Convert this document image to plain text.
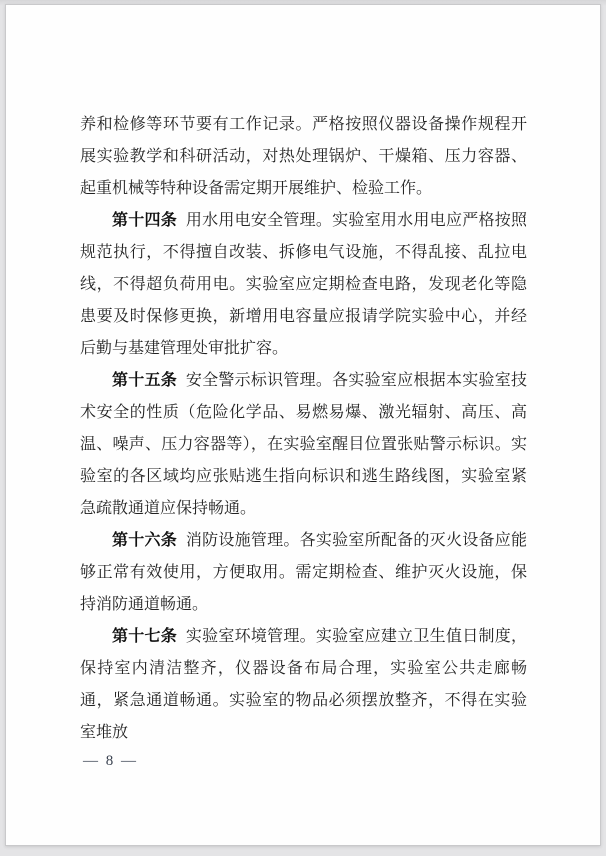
养和检修等环节要有工作记录。严格按照仪器设备操作规程开展实验教学和科研活动，对热处理锅炉、干燥箱、压力容器、起重机械等特种设备需定期开展维护、检验工作。

第十四条 用水用电安全管理。实验室用水用电应严格按照规范执行，不得擅自改装、拆修电气设施，不得乱接、乱拉电线，不得超负荷用电。实验室应定期检查电路，发现老化等隐患要及时保修更换，新增用电容量应报请学院实验中心，并经后勤与基建管理处审批扩容。

第十五条 安全警示标识管理。各实验室应根据本实验室技术安全的性质（危险化学品、易燃易爆、激光辐射、高压、高温、噪声、压力容器等），在实验室醒目位置张贴警示标识。实验室的各区域均应张贴逃生指向标识和逃生路线图，实验室紧急疏散通道应保持畅通。

第十六条 消防设施管理。各实验室所配备的灭火设备应能够正常有效使用，方便取用。需定期检查、维护灭火设施，保持消防通道畅通。

第十七条 实验室环境管理。实验室应建立卫生值日制度，保持室内清洁整齐，仪器设备布局合理，实验室公共走廊畅通，紧急通道畅通。实验室的物品必须摆放整齐，不得在实验室堆放

— 8 —
